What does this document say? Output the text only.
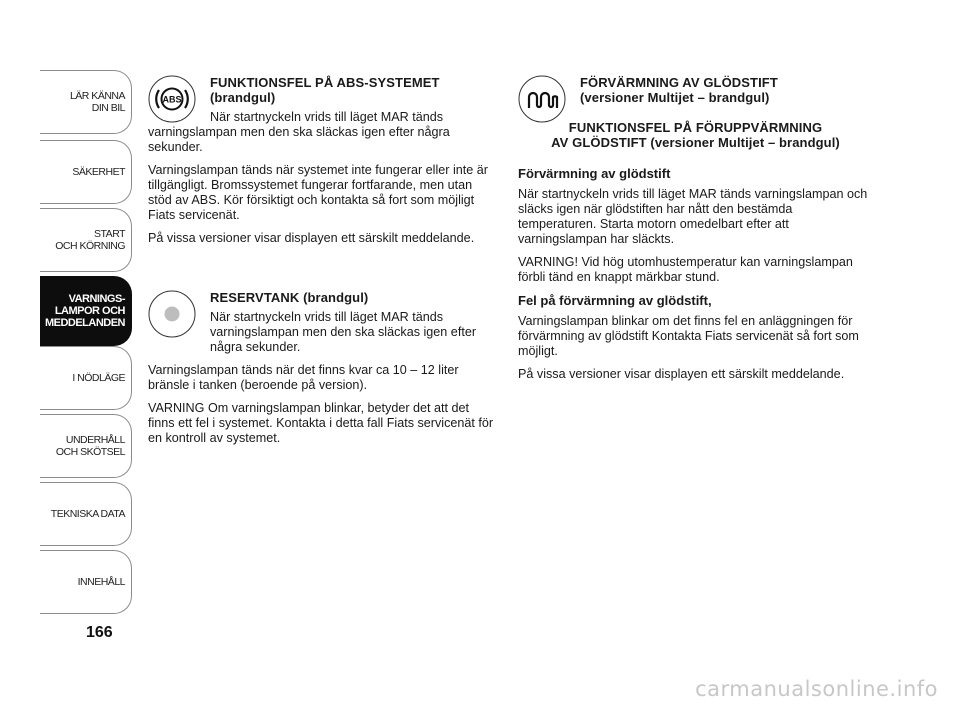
LÄR KÄNNA
DIN BIL
SÄKERHET
START
OCH KÖRNING
VARNINGS-
LAMPOR OCH
MEDDELANDEN
I NÖDLÄGE
UNDERHÅLL
OCH SKÖTSEL
TEKNISKA DATA
INNEHÅLL
166
ABS
FUNKTIONSFEL PÅ ABS-SYSTEMET
(brandgul)

När startnyckeln vrids till läget MAR tänds varningslampan men den ska släckas igen efter några sekunder.

Varningslampan tänds när systemet inte fungerar eller inte är tillgängligt. Bromssystemet fungerar fortfarande, men utan stöd av ABS. Kör försiktigt och kontakta så fort som möjligt Fiats servicenät.

På vissa versioner visar displayen ett särskilt meddelande.

RESERVTANK (brandgul)

När startnyckeln vrids till läget MAR tänds varningslampan men den ska släckas igen efter några sekunder.

Varningslampan tänds när det finns kvar ca 10 – 12 liter bränsle i tanken (beroende på version).

VARNING Om varningslampan blinkar, betyder det att det finns ett fel i systemet. Kontakta i detta fall Fiats servicenät för en kontroll av systemet.

FÖRVÄRMNING AV GLÖDSTIFT
(versioner Multijet – brandgul)
FUNKTIONSFEL PÅ FÖRUPPVÄRMNING
AV GLÖDSTIFT (versioner Multijet – brandgul)

Förvärmning av glödstift

När startnyckeln vrids till läget MAR tänds varningslampan och släcks igen när glödstiften har nått den bestämda temperaturen. Starta motorn omedelbart efter att varningslampan har släckts.

VARNING! Vid hög utomhustemperatur kan varningslampan förbli tänd en knappt märkbar stund.

Fel på förvärmning av glödstift,

Varningslampan blinkar om det finns fel en anläggningen för förvärmning av glödstift Kontakta Fiats servicenät så fort som möjligt.

På vissa versioner visar displayen ett särskilt meddelande.

carmanualsonline.info
